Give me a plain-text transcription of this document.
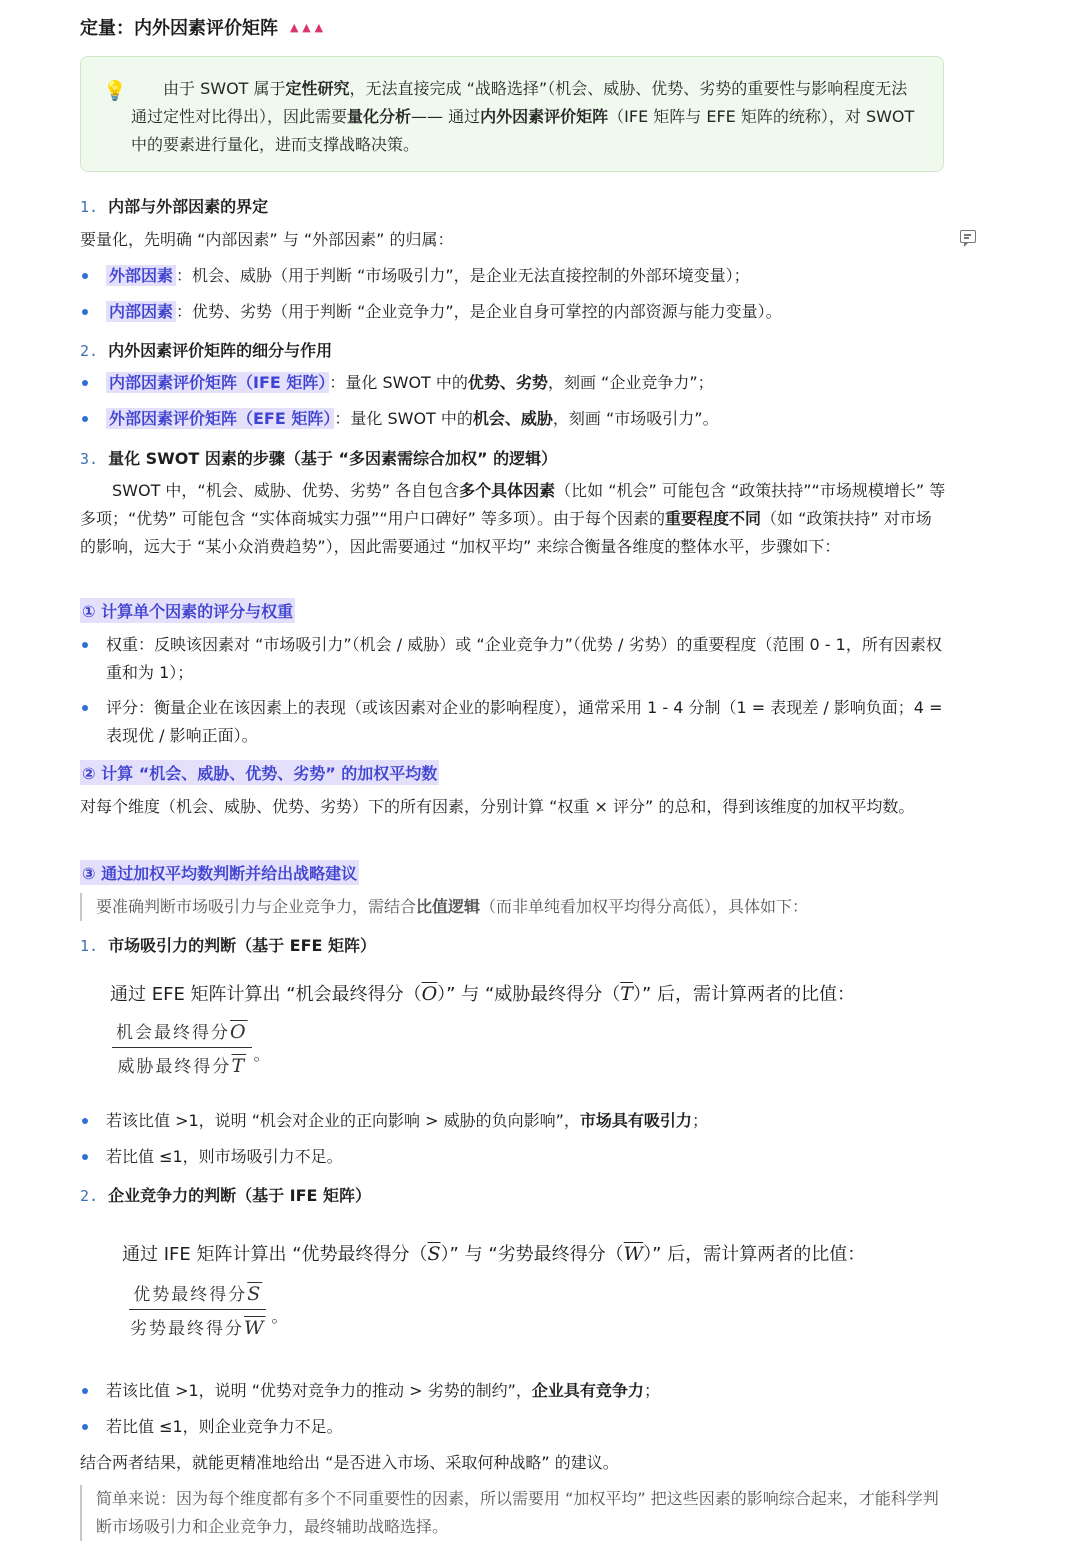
定量：内外因素评价矩阵 ▲ ▲ ▲
💡	由于 SWOT 属于定性研究，无法直接完成 “战略选择”（机会、威胁、优势、劣势的重要性与影响程度无法通过定性对比得出），因此需要量化分析—— 通过内外因素评价矩阵（IFE 矩阵与 EFE 矩阵的统称），对 SWOT 中的要素进行量化，进而支撑战略决策。
1. 内部与外部因素的界定
要量化，先明确 “内部因素” 与 “外部因素” 的归属：
外部因素 ：机会、威胁（用于判断 “市场吸引力”，是企业无法直接控制的外部环境变量）；
内部因素 ：优势、劣势（用于判断 “企业竞争力”，是企业自身可掌控的内部资源与能力变量）。
2. 内外因素评价矩阵的细分与作用
内部因素评价矩阵（IFE 矩阵） ：量化 SWOT 中的优势、劣势，刻画 “企业竞争力”；
外部因素评价矩阵（EFE 矩阵） ：量化 SWOT 中的机会、威胁，刻画 “市场吸引力”。
3. 量化 SWOT 因素的步骤（基于 “多因素需综合加权” 的逻辑）
SWOT 中，“机会、威胁、优势、劣势” 各自包含多个具体因素（比如 “机会” 可能包含 “政策扶持”“市场规模增长” 等多项；“优势” 可能包含 “实体商城实力强”“用户口碑好” 等多项）。由于每个因素的重要程度不同（如 “政策扶持” 对市场的影响，远大于 “某小众消费趋势”），因此需要通过 “加权平均” 来综合衡量各维度的整体水平，步骤如下：
① 计算单个因素的评分与权重
权重：反映该因素对 “市场吸引力”（机会 / 威胁）或 “企业竞争力”（优势 / 劣势）的重要程度（范围 0 - 1，所有因素权重和为 1）；
评分：衡量企业在该因素上的表现（或该因素对企业的影响程度），通常采用 1 - 4 分制（1 = 表现差 / 影响负面；4 = 表现优 / 影响正面）。
② 计算 “机会、威胁、优势、劣势” 的加权平均数
对每个维度（机会、威胁、优势、劣势）下的所有因素，分别计算 “权重 × 评分” 的总和，得到该维度的加权平均数。
③ 通过加权平均数判断并给出战略建议
要准确判断市场吸引力与企业竞争力，需结合比值逻辑（而非单纯看加权平均得分高低），具体如下：
1. 市场吸引力的判断（基于 EFE 矩阵）
通过 EFE 矩阵计算出 “机会最终得分$(\overline{O})$” 与 “威胁最终得分$(\overline{T})$” 后，需计算两者的比值：
$\frac{机会最终得分\overline{O}}{威胁最终得分\overline{T}}$ 。
若该比值 >1，说明 “机会对企业的正向影响 > 威胁的负向影响”，市场具有吸引力；
若比值 ≤1，则市场吸引力不足。
2. 企业竞争力的判断（基于 IFE 矩阵）
通过 IFE 矩阵计算出 “优势最终得分$(\overline{S})$” 与 “劣势最终得分$(\overline{W})$” 后，需计算两者的比值：
$\frac{优势最终得分\overline{S}}{劣势最终得分\overline{W}}$ 。
若该比值 >1，说明 “优势对竞争力的推动 > 劣势的制约”，企业具有竞争力；
若比值 ≤1，则企业竞争力不足。
结合两者结果，就能更精准地给出 “是否进入市场、采取何种战略” 的建议。
简单来说：因为每个维度都有多个不同重要性的因素，所以需要用 “加权平均” 把这些因素的影响综合起来，才能科学判断市场吸引力和企业竞争力，最终辅助战略选择。
